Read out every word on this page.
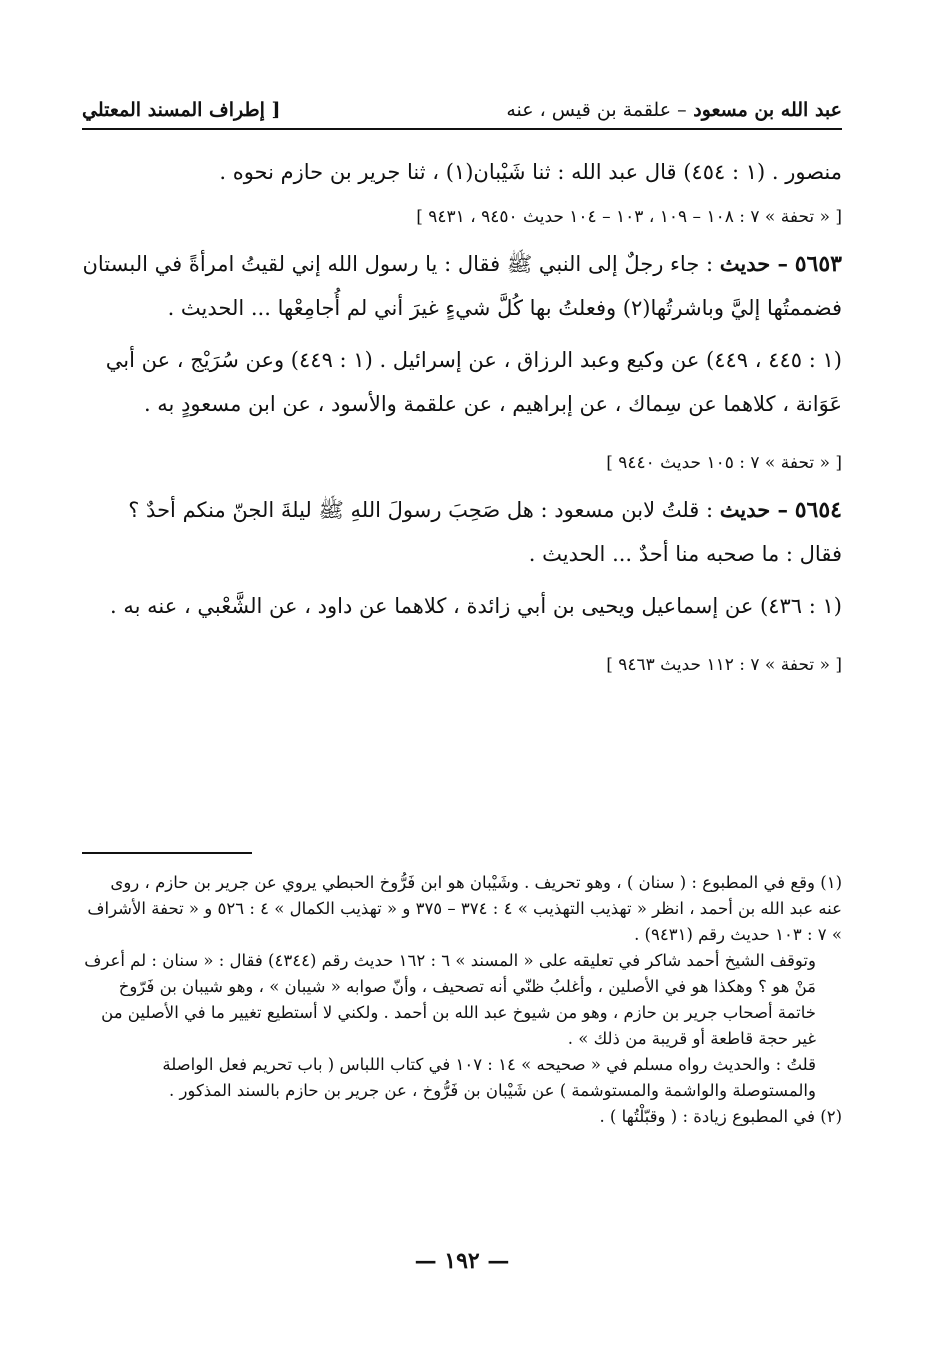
عبد الله بن مسعود – علقمة بن قيس ، عنه
[ إطراف المسند المعتلي

منصور . (١ : ٤٥٤) قال عبد الله : ثنا شَيْبان(١) ، ثنا جرير بن حازم نحوه .

[ « تحفة » ٧ : ١٠٨ – ١٠٩ ، ١٠٣ – ١٠٤ حديث ٩٤٥٠ ، ٩٤٣١ ]

٥٦٥٣ – حديث : جاء رجلٌ إلى النبي ﷺ فقال : يا رسول الله إني لقيتُ امرأةً في البستان فضممتُها إليَّ وباشرتُها(٢) وفعلتُ بها كُلَّ شيءٍ غيرَ أني لم أُجامِعْها ... الحديث .

(١ : ٤٤٥ ، ٤٤٩) عن وكيع وعبد الرزاق ، عن إسرائيل . (١ : ٤٤٩) وعن سُرَيْج ، عن أبي عَوَانة ، كلاهما عن سِماك ، عن إبراهيم ، عن علقمة والأسود ، عن ابن مسعودٍ به .

[ « تحفة » ٧ : ١٠٥ حديث ٩٤٤٠ ]

٥٦٥٤ – حديث : قلتُ لابن مسعود : هل صَحِبَ رسولَ اللهِ ﷺ ليلةَ الجنّ منكم أحدٌ ؟ فقال : ما صحبه منا أحدٌ ... الحديث .

(١ : ٤٣٦) عن إسماعيل ويحيى بن أبي زائدة ، كلاهما عن داود ، عن الشَّعْبي ، عنه به .

[ « تحفة » ٧ : ١١٢ حديث ٩٤٦٣ ]

(١) وقع في المطبوع : ( سنان ) ، وهو تحريف . وشَيْبان هو ابن فَرُّوخ الحبطي يروي عن جرير بن حازم ، روى عنه عبد الله بن أحمد ، انظر « تهذيب التهذيب » ٤ : ٣٧٤ – ٣٧٥ و « تهذيب الكمال » ٤ : ٥٢٦ و « تحفة الأشراف » ٧ : ١٠٣ حديث رقم (٩٤٣١) .

وتوقف الشيخ أحمد شاكر في تعليقه على « المسند » ٦ : ١٦٢ حديث رقم (٤٣٤٤) فقال : « سنان : لم أعرف مَنْ هو ؟ وهكذا هو في الأصلين ، وأغلبُ ظنّي أنه تصحيف ، وأنّ صوابه « شيبان » ، وهو شيبان بن فَرّوخ خاتمة أصحاب جرير بن حازم ، وهو من شيوخ عبد الله بن أحمد . ولكني لا أستطيع تغيير ما في الأصلين من غير حجة قاطعة أو قريبة من ذلك » .

قلتُ : والحديث رواه مسلم في « صحيحه » ١٤ : ١٠٧ في كتاب اللباس ( باب تحريم فعل الواصلة والمستوصلة والواشمة والمستوشمة ) عن شَيْبان بن فَرُّوخ ، عن جرير بن حازم بالسند المذكور .

(٢) في المطبوع زيادة : ( وقبّلْتُها ) .

— ١٩٢ —
